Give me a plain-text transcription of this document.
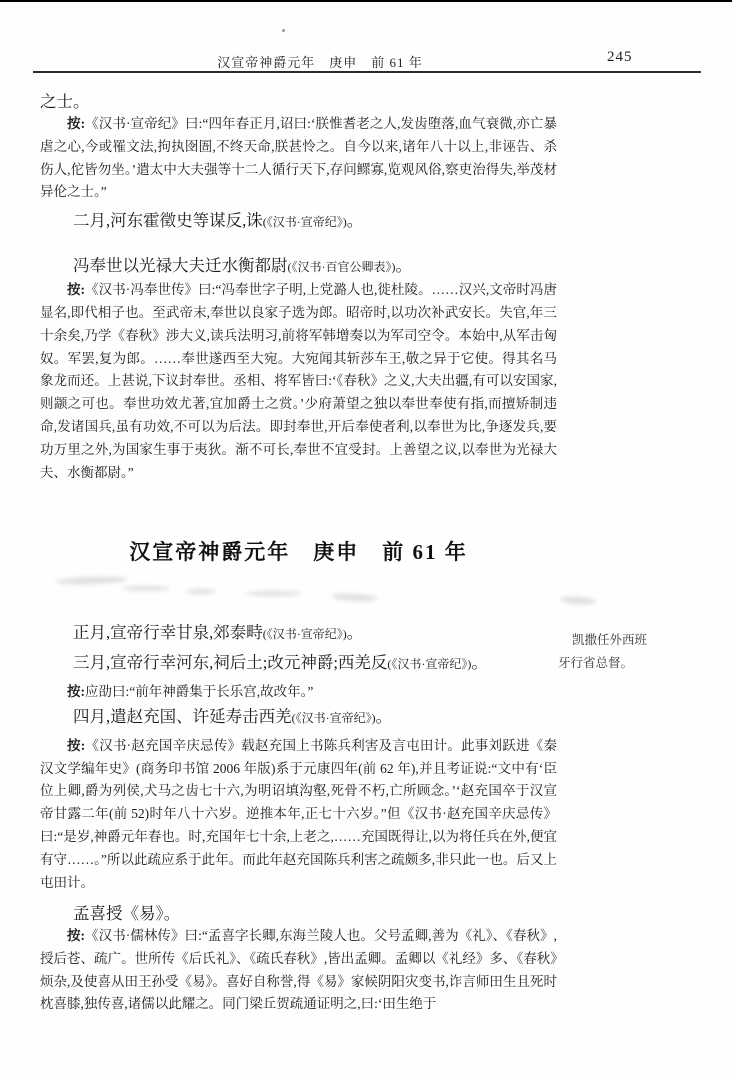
汉宣帝神爵元年　庚申　前 61 年	245

之士。

按:《汉书·宣帝纪》曰:“四年春正月,诏曰:‘朕惟耆老之人,发齿堕落,血气衰微,亦亡暴虐之心,今或罹文法,拘执囹圄,不终天命,朕甚怜之。自今以来,诸年八十以上,非诬告、杀伤人,佗皆勿坐。’遣太中大夫强等十二人循行天下,存问鳏寡,览观风俗,察吏治得失,举茂材异伦之士。”

二月,河东霍徵史等谋反,诛(《汉书·宣帝纪》)。

冯奉世以光禄大夫迁水衡都尉(《汉书·百官公卿表》)。

按:《汉书·冯奉世传》曰:“冯奉世字子明,上党潞人也,徙杜陵。……汉兴,文帝时冯唐显名,即代相子也。至武帝末,奉世以良家子选为郎。昭帝时,以功次补武安长。失官,年三十余矣,乃学《春秋》涉大义,读兵法明习,前将军韩增奏以为军司空令。本始中,从军击匈奴。军罢,复为郎。……奉世遂西至大宛。大宛闻其斩莎车王,敬之异于它使。得其名马象龙而还。上甚说,下议封奉世。丞相、将军皆曰:‘《春秋》之义,大夫出疆,有可以安国家,则颛之可也。奉世功效尤著,宜加爵士之赏。’少府萧望之独以奉世奉使有指,而擅矫制违命,发诸国兵,虽有功效,不可以为后法。即封奉世,开后奉使者利,以奉世为比,争逐发兵,要功万里之外,为国家生事于夷狄。渐不可长,奉世不宜受封。上善望之议,以奉世为光禄大夫、水衡都尉。”

汉宣帝神爵元年　庚申　前 61 年

正月,宣帝行幸甘泉,郊泰畤(《汉书·宣帝纪》)。

三月,宣帝行幸河东,祠后土;改元神爵;西羌反(《汉书·宣帝纪》)。

按:应劭曰:“前年神爵集于长乐宫,故改年。”

四月,遣赵充国、许延寿击西羌(《汉书·宣帝纪》)。

按:《汉书·赵充国辛庆忌传》载赵充国上书陈兵利害及言屯田计。此事刘跃进《秦汉文学编年史》(商务印书馆 2006 年版)系于元康四年(前 62 年),并且考证说:“文中有‘臣位上卿,爵为列侯,犬马之齿七十六,为明诏填沟壑,死骨不朽,亡所顾念。’‘赵充国卒于汉宣帝甘露二年(前 52)时年八十六岁。逆推本年,正七十六岁。”但《汉书·赵充国辛庆忌传》曰:“是岁,神爵元年春也。时,充国年七十余,上老之,……充国既得让,以为将任兵在外,便宜有守……。”所以此疏应系于此年。而此年赵充国陈兵利害之疏颇多,非只此一也。后又上屯田计。

孟喜授《易》。

按:《汉书·儒林传》曰:“孟喜字长卿,东海兰陵人也。父号孟卿,善为《礼》、《春秋》,授后苍、疏广。世所传《后氏礼》、《疏氏春秋》,皆出孟卿。孟卿以《礼经》多、《春秋》烦杂,及使喜从田王孙受《易》。喜好自称誉,得《易》家候阴阳灾变书,诈言师田生且死时枕喜膝,独传喜,诸儒以此耀之。同门梁丘贺疏通证明之,曰:‘田生绝于

凯撒任外西班
牙行省总督。
